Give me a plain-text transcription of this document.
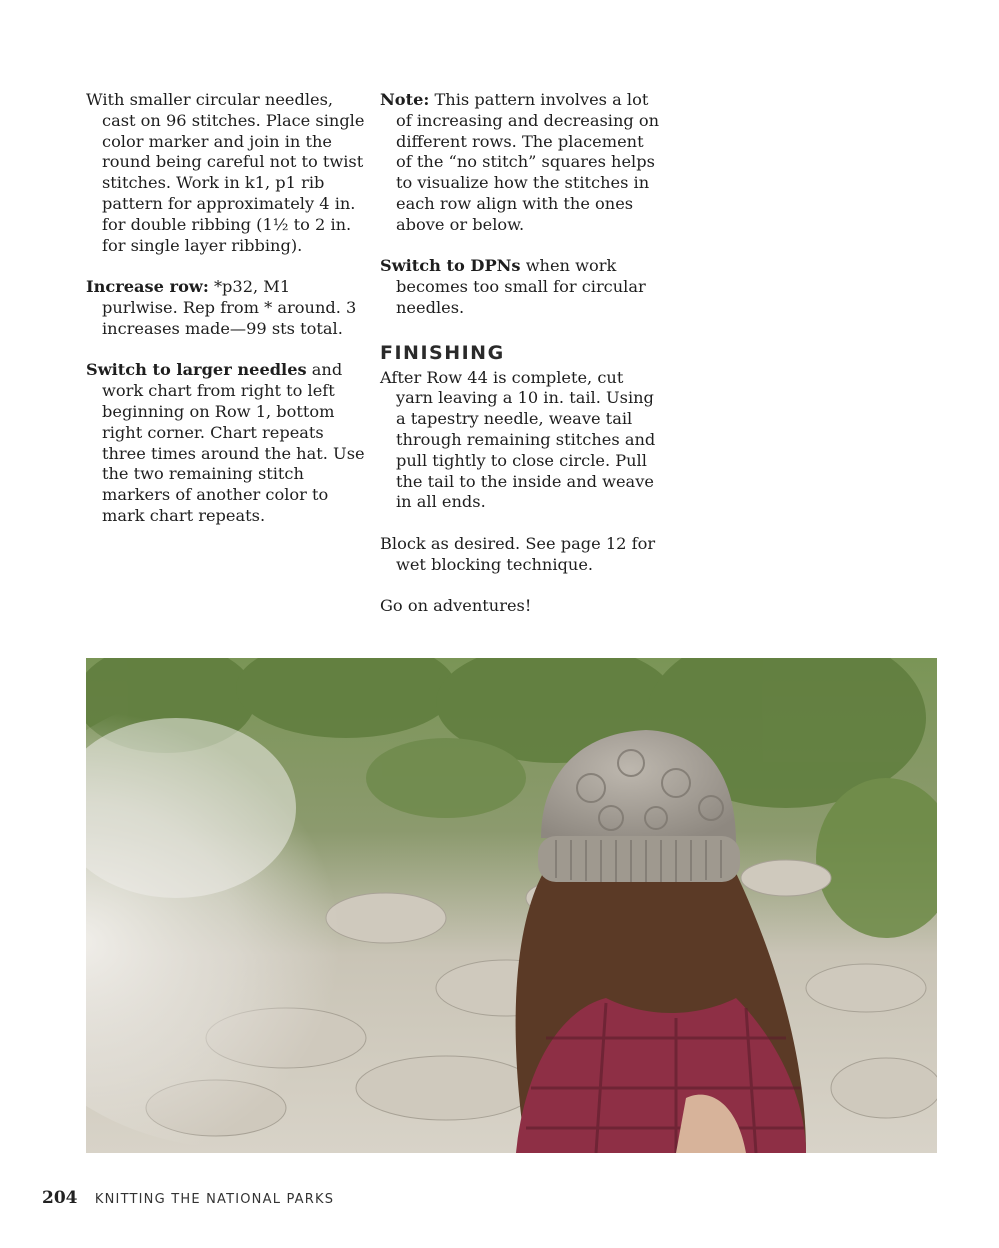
With smaller circular needles, cast on 96 stitches. Place single color marker and join in the round being careful not to twist stitches. Work in k1, p1 rib pattern for approximately 4 in. for double ribbing (1½ to 2 in. for single layer ribbing).

Increase row: *p32, M1 purlwise. Rep from * around. 3 increases made—99 sts total.

Switch to larger needles and work chart from right to left beginning on Row 1, bottom right corner. Chart repeats three times around the hat. Use the two remaining stitch markers of another color to mark chart repeats.

Note: This pattern involves a lot of increasing and decreasing on different rows. The placement of the “no stitch” squares helps to visualize how the stitches in each row align with the ones above or below.

Switch to DPNs when work becomes too small for circular needles.

FINISHING

After Row 44 is complete, cut yarn leaving a 10 in. tail. Using a tapestry needle, weave tail through remaining stitches and pull tightly to close circle. Pull the tail to the inside and weave in all ends.

Block as desired. See page 12 for wet blocking technique.

Go on adventures!

204 KNITTING THE NATIONAL PARKS
